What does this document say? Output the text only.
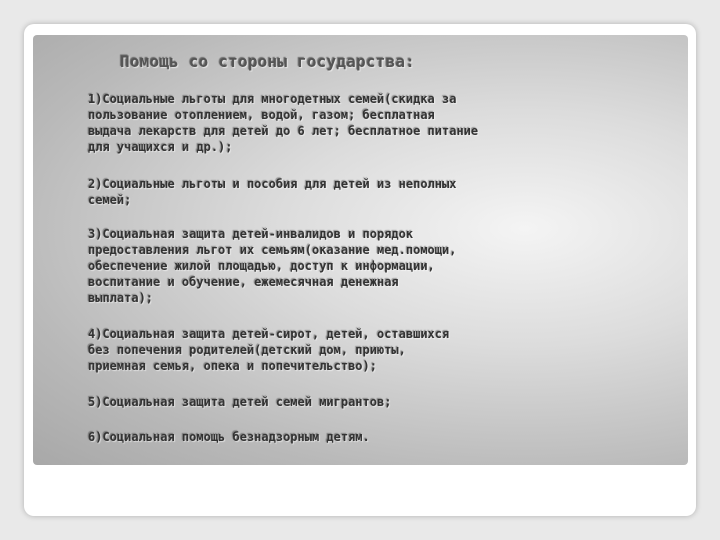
Помощь со стороны государства:

1)Социальные льготы для многодетных семей(скидка за
пользование отоплением, водой, газом; бесплатная
выдача лекарств для детей до 6 лет; бесплатное питание
для учащихся и др.);

2)Социальные льготы и пособия для детей из неполных
семей;

3)Социальная защита детей-инвалидов и порядок
предоставления льгот их семьям(оказание мед.помощи,
обеспечение жилой площадью, доступ к информации,
воспитание и обучение, ежемесячная денежная
выплата);

4)Социальная защита детей-сирот, детей, оставшихся
без попечения родителей(детский дом, приюты,
приемная семья, опека и попечительство);

5)Социальная защита детей семей мигрантов;

6)Социальная помощь безнадзорным детям.
